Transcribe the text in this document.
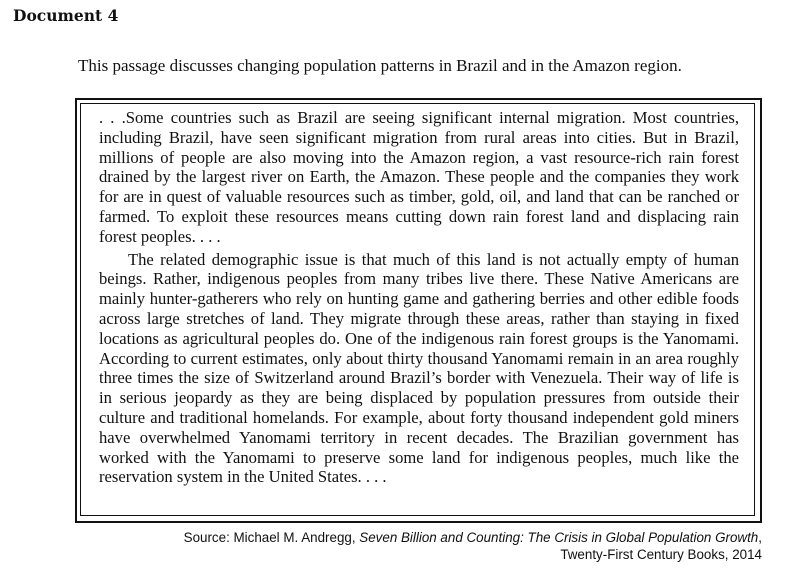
Document 4

This passage discusses changing population patterns in Brazil and in the Amazon region.

. . .Some countries such as Brazil are seeing significant internal migration. Most countries, including Brazil, have seen significant migration from rural areas into cities. But in Brazil, millions of people are also moving into the Amazon region, a vast resource-rich rain forest drained by the largest river on Earth, the Amazon. These people and the companies they work for are in quest of valuable resources such as timber, gold, oil, and land that can be ranched or farmed. To exploit these resources means cutting down rain forest land and displacing rain forest peoples. . . .

The related demographic issue is that much of this land is not actually empty of human beings. Rather, indigenous peoples from many tribes live there. These Native Americans are mainly hunter-gatherers who rely on hunting game and gathering berries and other edible foods across large stretches of land. They migrate through these areas, rather than staying in fixed locations as agricultural peoples do. One of the indigenous rain forest groups is the Yanomami. According to current estimates, only about thirty thousand Yanomami remain in an area roughly three times the size of Switzerland around Brazil’s border with Venezuela. Their way of life is in serious jeopardy as they are being displaced by population pressures from outside their culture and traditional homelands. For example, about forty thousand independent gold miners have overwhelmed Yanomami territory in recent decades. The Brazilian government has worked with the Yanomami to preserve some land for indigenous peoples, much like the reservation system in the United States. . . .

Source: Michael M. Andregg, Seven Billion and Counting: The Crisis in Global Population Growth,
Twenty-First Century Books, 2014
